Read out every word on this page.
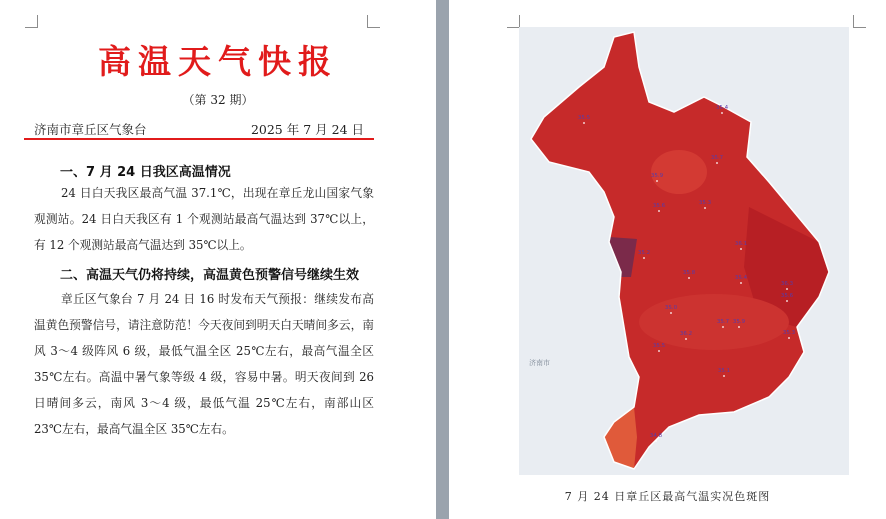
高温天气快报
（第 32 期）
济南市章丘区气象台	2025 年 7 月 24 日
一、7 月 24 日我区高温情况

24 日白天我区最高气温 37.1℃，出现在章丘龙山国家气象观测站。24 日白天我区有 1 个观测站最高气温达到 37℃以上，有 12 个观测站最高气温达到 35℃以上。

二、高温天气仍将持续，高温黄色预警信号继续生效

章丘区气象台 7 月 24 日 16 时发布天气预报：继续发布高温黄色预警信号，请注意防范！今天夜间到明天白天晴间多云，南风 3～4 级阵风 6 级，最低气温全区 25℃左右，最高气温全区 35℃左右。高温中暑气象等级 4 级，容易中暑。明天夜间到 26 日晴间多云，南风 3～4 级，最低气温 25℃左右，南部山区 23℃左右，最高气温全区 35℃左右。

35.5
35.4
35.7
35.9
35.3
35.6
35.2
36.1
35.8
35.4
36.3
35.6
35.0
35.7 35.9
36.2
35.5
35.3
35.1
34.8
济南市
7 月 24 日章丘区最高气温实况色斑图
